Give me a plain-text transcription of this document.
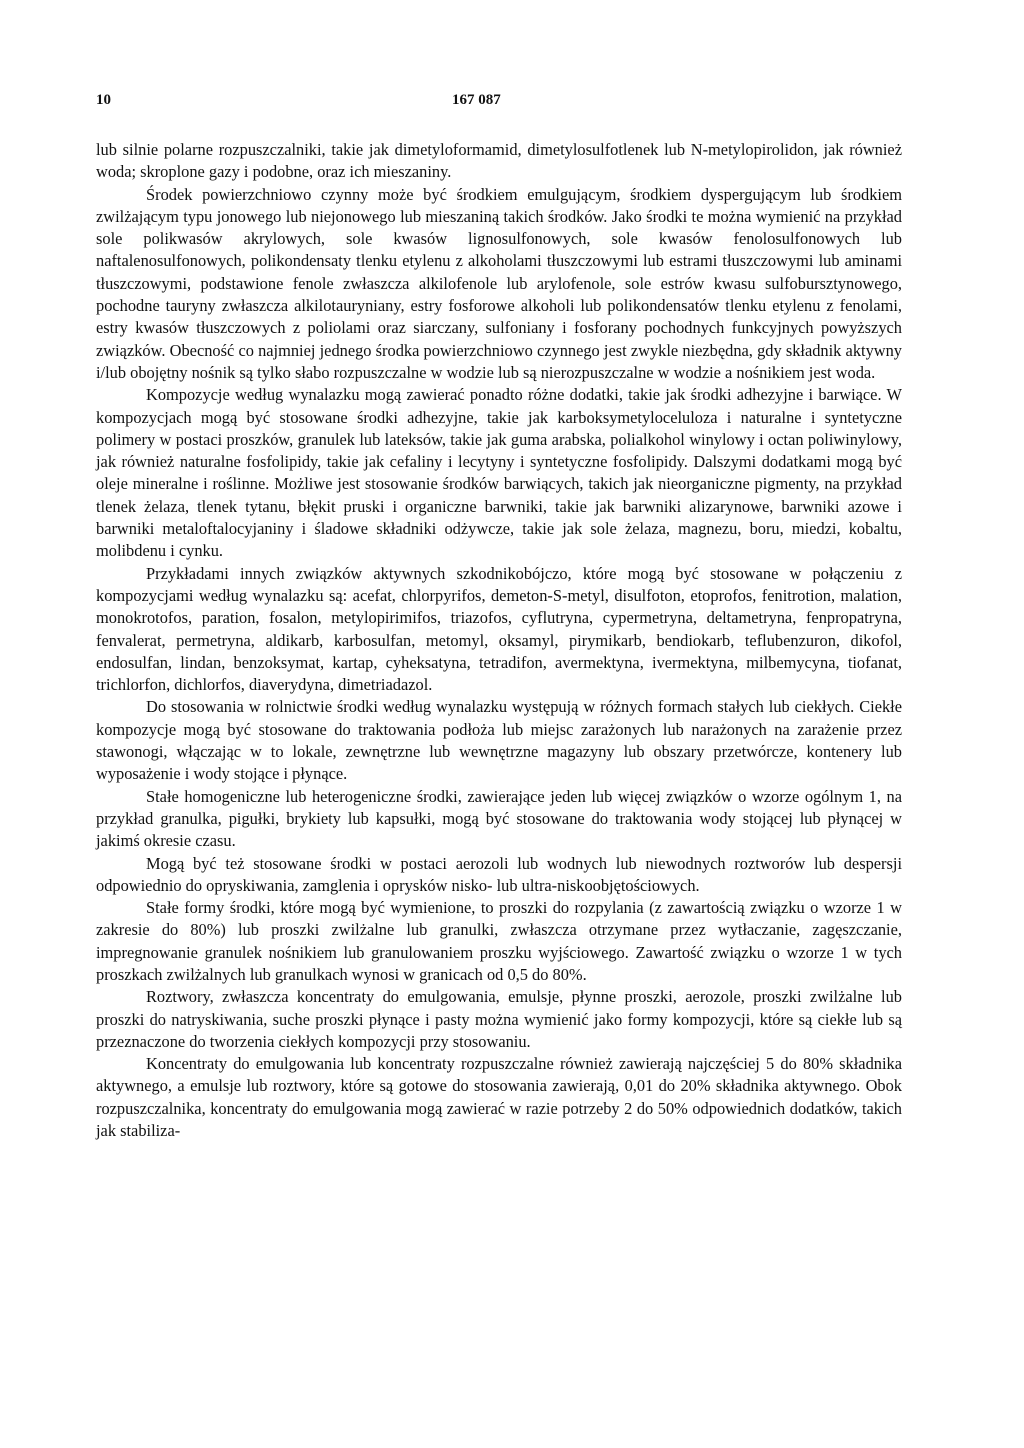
10	167 087

lub silnie polarne rozpuszczalniki, takie jak dimetyloformamid, dimetylosulfotlenek lub N-metylopirolidon, jak również woda; skroplone gazy i podobne, oraz ich mieszaniny.

Środek powierzchniowo czynny może być środkiem emulgującym, środkiem dyspergującym lub środkiem zwilżającym typu jonowego lub niejonowego lub mieszaniną takich środków. Jako środki te można wymienić na przykład sole polikwasów akrylowych, sole kwasów lignosulfonowych, sole kwasów fenolosulfonowych lub naftalenosulfonowych, polikondensaty tlenku etylenu z alkoholami tłuszczowymi lub estrami tłuszczowymi lub aminami tłuszczowymi, podstawione fenole zwłaszcza alkilofenole lub arylofenole, sole estrów kwasu sulfobursztynowego, pochodne tauryny zwłaszcza alkilotauryniany, estry fosforowe alkoholi lub polikondensatów tlenku etylenu z fenolami, estry kwasów tłuszczowych z poliolami oraz siarczany, sulfoniany i fosforany pochodnych funkcyjnych powyższych związków. Obecność co najmniej jednego środka powierzchniowo czynnego jest zwykle niezbędna, gdy składnik aktywny i/lub obojętny nośnik są tylko słabo rozpuszczalne w wodzie lub są nierozpuszczalne w wodzie a nośnikiem jest woda.

Kompozycje według wynalazku mogą zawierać ponadto różne dodatki, takie jak środki adhezyjne i barwiące. W kompozycjach mogą być stosowane środki adhezyjne, takie jak karboksymetyloceluloza i naturalne i syntetyczne polimery w postaci proszków, granulek lub lateksów, takie jak guma arabska, polialkohol winylowy i octan poliwinylowy, jak również naturalne fosfolipidy, takie jak cefaliny i lecytyny i syntetyczne fosfolipidy. Dalszymi dodatkami mogą być oleje mineralne i roślinne. Możliwe jest stosowanie środków barwiących, takich jak nieorganiczne pigmenty, na przykład tlenek żelaza, tlenek tytanu, błękit pruski i organiczne barwniki, takie jak barwniki alizarynowe, barwniki azowe i barwniki metaloftalocyjaniny i śladowe składniki odżywcze, takie jak sole żelaza, magnezu, boru, miedzi, kobaltu, molibdenu i cynku.

Przykładami innych związków aktywnych szkodnikobójczo, które mogą być stosowane w połączeniu z kompozycjami według wynalazku są: acefat, chlorpyrifos, demeton-S-metyl, disulfoton, etoprofos, fenitrotion, malation, monokrotofos, paration, fosalon, metylopirimifos, triazofos, cyflutryna, cypermetryna, deltametryna, fenpropatryna, fenvalerat, permetryna, aldikarb, karbosulfan, metomyl, oksamyl, pirymikarb, bendiokarb, teflubenzuron, dikofol, endosulfan, lindan, benzoksymat, kartap, cyheksatyna, tetradifon, avermektyna, ivermektyna, milbemycyna, tiofanat, trichlorfon, dichlorfos, diaverydyna, dimetriadazol.

Do stosowania w rolnictwie środki według wynalazku występują w różnych formach stałych lub ciekłych. Ciekłe kompozycje mogą być stosowane do traktowania podłoża lub miejsc zarażonych lub narażonych na zarażenie przez stawonogi, włączając w to lokale, zewnętrzne lub wewnętrzne magazyny lub obszary przetwórcze, kontenery lub wyposażenie i wody stojące i płynące.

Stałe homogeniczne lub heterogeniczne środki, zawierające jeden lub więcej związków o wzorze ogólnym 1, na przykład granulka, pigułki, brykiety lub kapsułki, mogą być stosowane do traktowania wody stojącej lub płynącej w jakimś okresie czasu.

Mogą być też stosowane środki w postaci aerozoli lub wodnych lub niewodnych roztworów lub despersji odpowiednio do opryskiwania, zamglenia i oprysków nisko- lub ultra-niskoobjętościowych.

Stałe formy środki, które mogą być wymienione, to proszki do rozpylania (z zawartością związku o wzorze 1 w zakresie do 80%) lub proszki zwilżalne lub granulki, zwłaszcza otrzymane przez wytłaczanie, zagęszczanie, impregnowanie granulek nośnikiem lub granulowaniem proszku wyjściowego. Zawartość związku o wzorze 1 w tych proszkach zwilżalnych lub granulkach wynosi w granicach od 0,5 do 80%.

Roztwory, zwłaszcza koncentraty do emulgowania, emulsje, płynne proszki, aerozole, proszki zwilżalne lub proszki do natryskiwania, suche proszki płynące i pasty można wymienić jako formy kompozycji, które są ciekłe lub są przeznaczone do tworzenia ciekłych kompozycji przy stosowaniu.

Koncentraty do emulgowania lub koncentraty rozpuszczalne również zawierają najczęściej 5 do 80% składnika aktywnego, a emulsje lub roztwory, które są gotowe do stosowania zawierają, 0,01 do 20% składnika aktywnego. Obok rozpuszczalnika, koncentraty do emulgowania mogą zawierać w razie potrzeby 2 do 50% odpowiednich dodatków, takich jak stabiliza-
